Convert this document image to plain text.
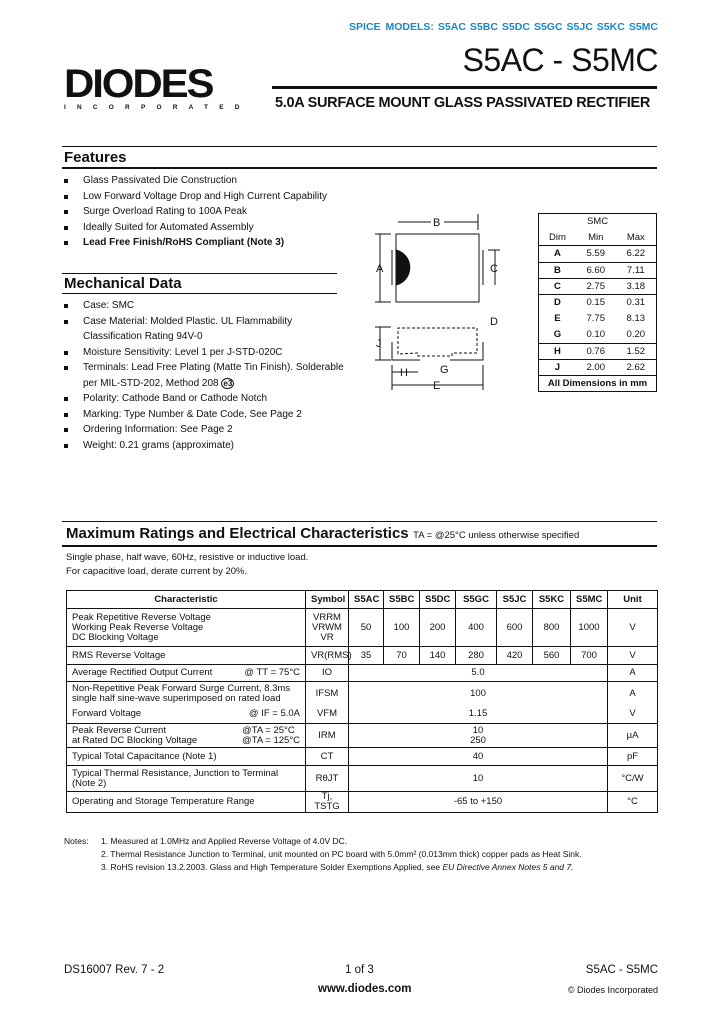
SPICE MODELS: S5AC S5BC S5DC S5GC S5JC S5KC S5MC
DIODES
INCORPORATED
S5AC - S5MC
5.0A SURFACE MOUNT GLASS PASSIVATED RECTIFIER
Features
Glass Passivated Die Construction
Low Forward Voltage Drop and High Current Capability
Surge Overload Rating to 100A Peak
Ideally Suited for Automated Assembly
Lead Free Finish/RoHS Compliant (Note 3)
Mechanical Data
Case: SMC
Case Material: Molded Plastic. UL Flammability Classification Rating 94V-0
Moisture Sensitivity: Level 1 per J-STD-020C
Terminals: Lead Free Plating (Matte Tin Finish). Solderable per MIL-STD-202, Method 208 e3
Polarity: Cathode Band or Cathode Notch
Marking: Type Number & Date Code, See Page 2
Ordering Information: See Page 2
Weight: 0.21 grams (approximate)
B
A	C
D
J
H	G
E
SMC		
Dim	Min	Max
A	5.59	6.22
B	6.60	7.11
C	2.75	3.18
D	0.15	0.31
E	7.75	8.13
G	0.10	0.20
H	0.76	1.52
J	2.00	2.62
All Dimensions in mm		
Maximum Ratings and Electrical Characteristics TA = @25°C unless otherwise specified
Single phase, half wave, 60Hz, resistive or inductive load.
For capacitive load, derate current by 20%.
Characteristic	Symbol	S5AC	S5BC	S5DC	S5GC	S5JC	S5KC	S5MC	Unit
Peak Repetitive Reverse Voltage
Working Peak Reverse Voltage
DC Blocking Voltage	VRRM
VRWM
VR	50	100	200	400	600	800	1000	V
RMS Reverse Voltage	VR(RMS)	35	70	140	280	420	560	700	V

@ TT = 75°C
Average Rectified Output Current	IO	5.0							A
Non-Repetitive Peak Forward Surge Current, 8.3ms
single half sine-wave superimposed on rated load	IFSM	100							A

@ IF = 5.0A
Forward Voltage	VFM	1.15							V

@TA = 25°C
@TA = 125°C
Peak Reverse Current
at Rated DC Blocking Voltage	IRM	10
250							µA
Typical Total Capacitance (Note 1)	CT	40							pF
Typical Thermal Resistance, Junction to Terminal
(Note 2)	RθJT	10							°C/W
Operating and Storage Temperature Range	Tj, TSTG	-65 to +150							°C
Notes: 1. Measured at 1.0MHz and Applied Reverse Voltage of 4.0V DC.
2. Thermal Resistance Junction to Terminal, unit mounted on PC board with 5.0mm² (0.013mm thick) copper pads as Heat Sink.
3. RoHS revision 13.2.2003. Glass and High Temperature Solder Exemptions Applied, see EU Directive Annex Notes 5 and 7.
DS16007 Rev. 7 - 2	1 of 3
www.diodes.com
S5AC - S5MC
© Diodes Incorporated
